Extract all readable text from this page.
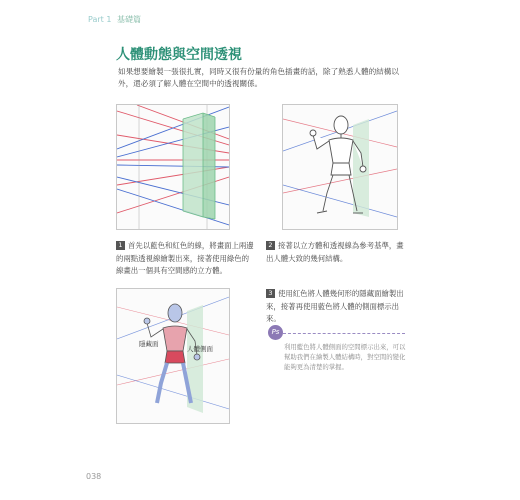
Part 1 基礎篇
人體動態與空間透視
如果想要繪製一張很扎實，同時又很有份量的角色插畫的話，除了熟悉人體的結構以外，還必須了解人體在空間中的透視關係。
1 首先以藍色和紅色的線，將畫面上兩邊的兩點透視線繪製出來，接著使用綠色的線畫出一個具有空間感的立方體。
2 接著以立方體和透視線為參考基準，畫出人體大致的幾何結構。
隱藏面
人體側面
3 使用紅色將人體幾何形的隱藏面繪製出來，接著再使用藍色將人體的側面標示出來。
Ps
利用藍色將人體側面的空間標示出來，可以幫助我們在繪製人體結構時，對空間的變化能夠更為清楚的掌握。
038
